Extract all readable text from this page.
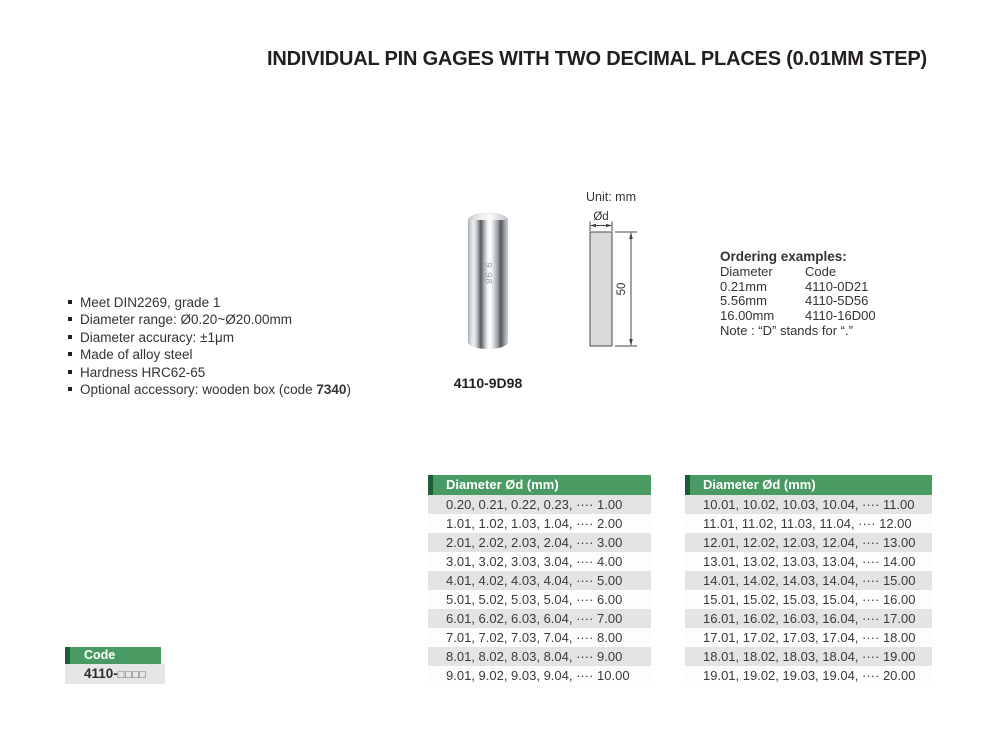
INDIVIDUAL PIN GAGES WITH TWO DECIMAL PLACES (0.01MM STEP)
Meet DIN2269, grade 1
Diameter range: Ø0.20~Ø20.00mm
Diameter accuracy: ±1μm
Made of alloy steel
Hardness HRC62-65
Optional accessory: wooden box (code 7340)
9.98
4110-9D98
Unit: mm
Ød
50
Ordering examples:
Diameter Code
0.21mm	4110-0D21
5.56mm	4110-5D56
16.00mm 4110-16D00
Note : “D” stands for “.”
Diameter Ød (mm)
0.20, 0.21, 0.22, 0.23, ···· 1.00
1.01, 1.02, 1.03, 1.04, ···· 2.00
2.01, 2.02, 2.03, 2.04, ···· 3.00
3.01, 3.02, 3.03, 3.04, ···· 4.00
4.01, 4.02, 4.03, 4.04, ···· 5.00
5.01, 5.02, 5.03, 5.04, ···· 6.00
6.01, 6.02, 6.03, 6.04, ···· 7.00
7.01, 7.02, 7.03, 7.04, ···· 8.00
8.01, 8.02, 8.03, 8.04, ···· 9.00
9.01, 9.02, 9.03, 9.04, ···· 10.00
Diameter Ød (mm)
10.01, 10.02, 10.03, 10.04, ···· 11.00
11.01, 11.02, 11.03, 11.04, ···· 12.00
12.01, 12.02, 12.03, 12.04, ···· 13.00
13.01, 13.02, 13.03, 13.04, ···· 14.00
14.01, 14.02, 14.03, 14.04, ···· 15.00
15.01, 15.02, 15.03, 15.04, ···· 16.00
16.01, 16.02, 16.03, 16.04, ···· 17.00
17.01, 17.02, 17.03, 17.04, ···· 18.00
18.01, 18.02, 18.03, 18.04, ···· 19.00
19.01, 19.02, 19.03, 19.04, ···· 20.00
Code
4110-□□□□
